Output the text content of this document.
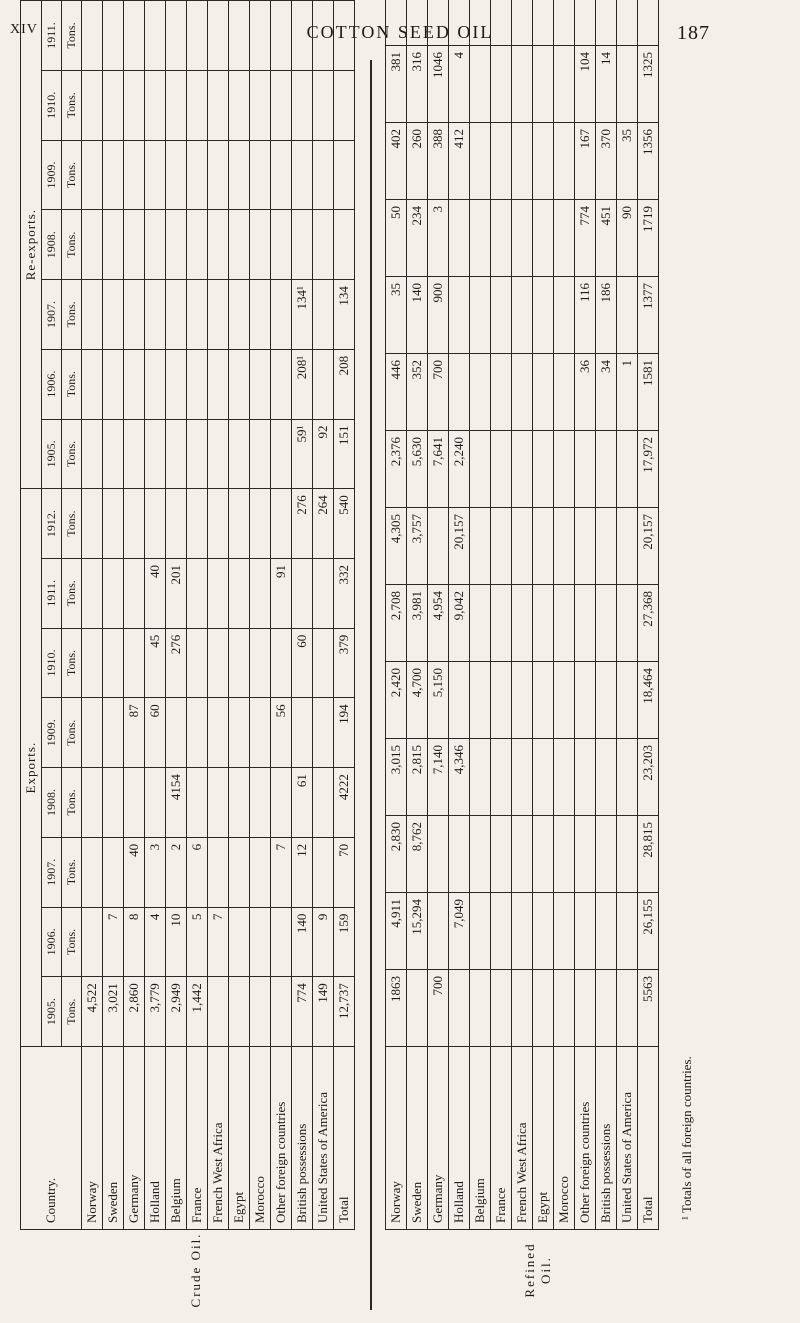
XIV	COTTON SEED OIL	187
Country.	Exports.								Re-exports.						
	1905.	1906.	1907.	1908.	1909.	1910.	1911.	1912.	1905.	1906.	1907.	1908.	1909.	1910.	1911.
	Tons.	Tons.	Tons.	Tons.	Tons.	Tons.	Tons.	Tons.	Tons.	Tons.	Tons.	Tons.	Tons.	Tons.	Tons.
Norway	4,522														
Sweden	3,021	7													
Germany	2,860	8	40		87										
Holland	3,779	4	3		60	45	40								
Belgium	2,949	10	2	4154		276	201								
France	1,442	5	6												
French West Africa		7													
Egypt															
Morocco															
Other foreign countries			7		56		91								
British possessions	774	140	12	61		60		276	59¹	208¹	134¹				
United States of America	149	9						264	92						
Total	12,737	159	70	4222	194	379	332	540	151	208	134				
Crude Oil.
Norway	1863	4,911	2,830	3,015	2,420	2,708	4,305	2,376	446	35	50	402	381		
Sweden		15,294	8,762	2,815	4,700	3,981	3,757	5,630	352	140	234	260	316		
Germany	700			7,140	5,150	4,954		7,641	700	900	3	388	1046		
Holland		7,049		4,346		9,042	20,157	2,240				412	4		
Belgium															
France															
French West Africa															
Egypt															
Morocco															
Other foreign countries									36	116	774	167	104		
British possessions									34	186	451	370	14		
United States of America									1		90	35			
Total	5563	26,155	28,815	23,203	18,464	27,368	20,157	17,972	1581	1377	1719	1356	1325		
Refined Oil.
¹ Totals of all foreign countries.
